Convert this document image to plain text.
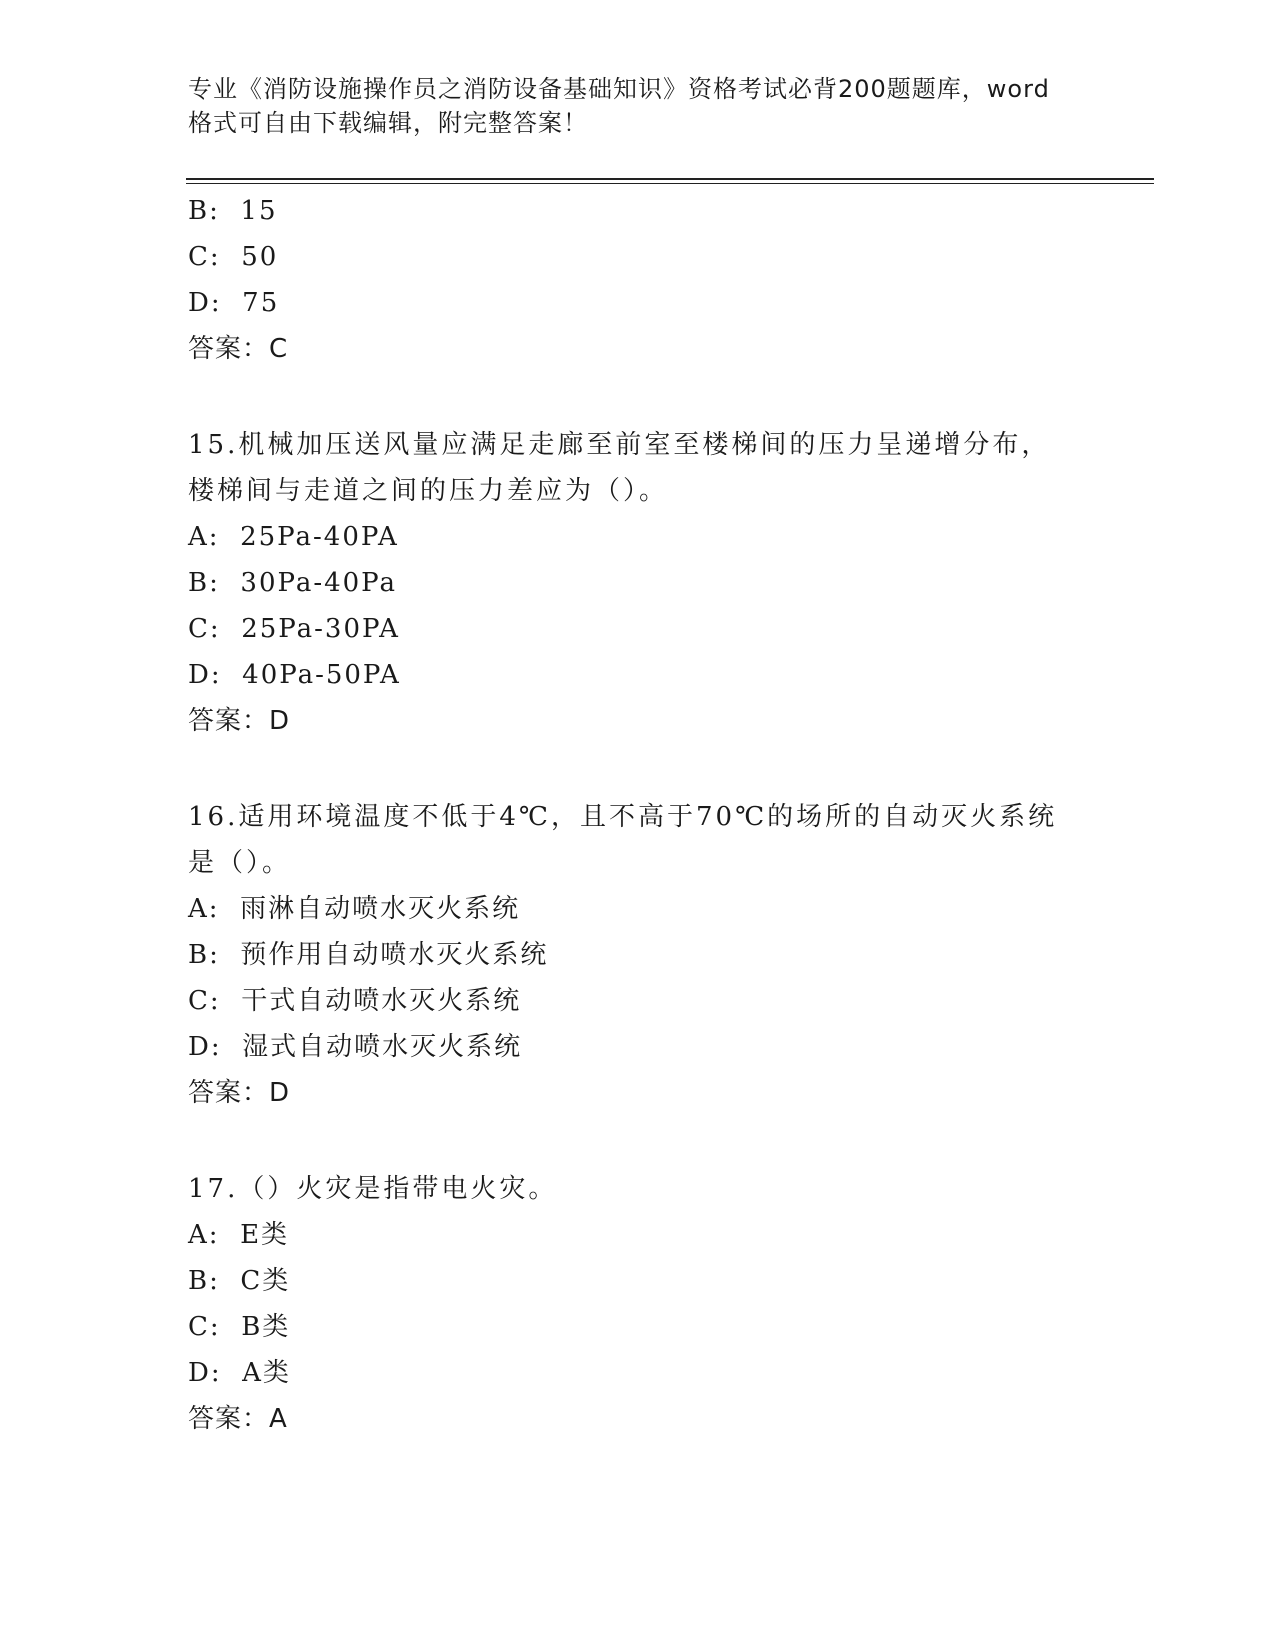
专业《消防设施操作员之消防设备基础知识》资格考试必背200题题库，word格式可自由下载编辑，附完整答案！
B:  15
C:  50
D:  75
答案：C
15.机械加压送风量应满足走廊至前室至楼梯间的压力呈递增分布，楼梯间与走道之间的压力差应为（）。
A:  25Pa-40PA
B:  30Pa-40Pa
C:  25Pa-30PA
D:  40Pa-50PA
答案：D
16.适用环境温度不低于4℃，且不高于70℃的场所的自动灭火系统是（）。
A:  雨淋自动喷水灭火系统
B:  预作用自动喷水灭火系统
C:  干式自动喷水灭火系统
D:  湿式自动喷水灭火系统
答案：D
17.（）火灾是指带电火灾。
A:  E类
B:  C类
C:  B类
D:  A类
答案：A
